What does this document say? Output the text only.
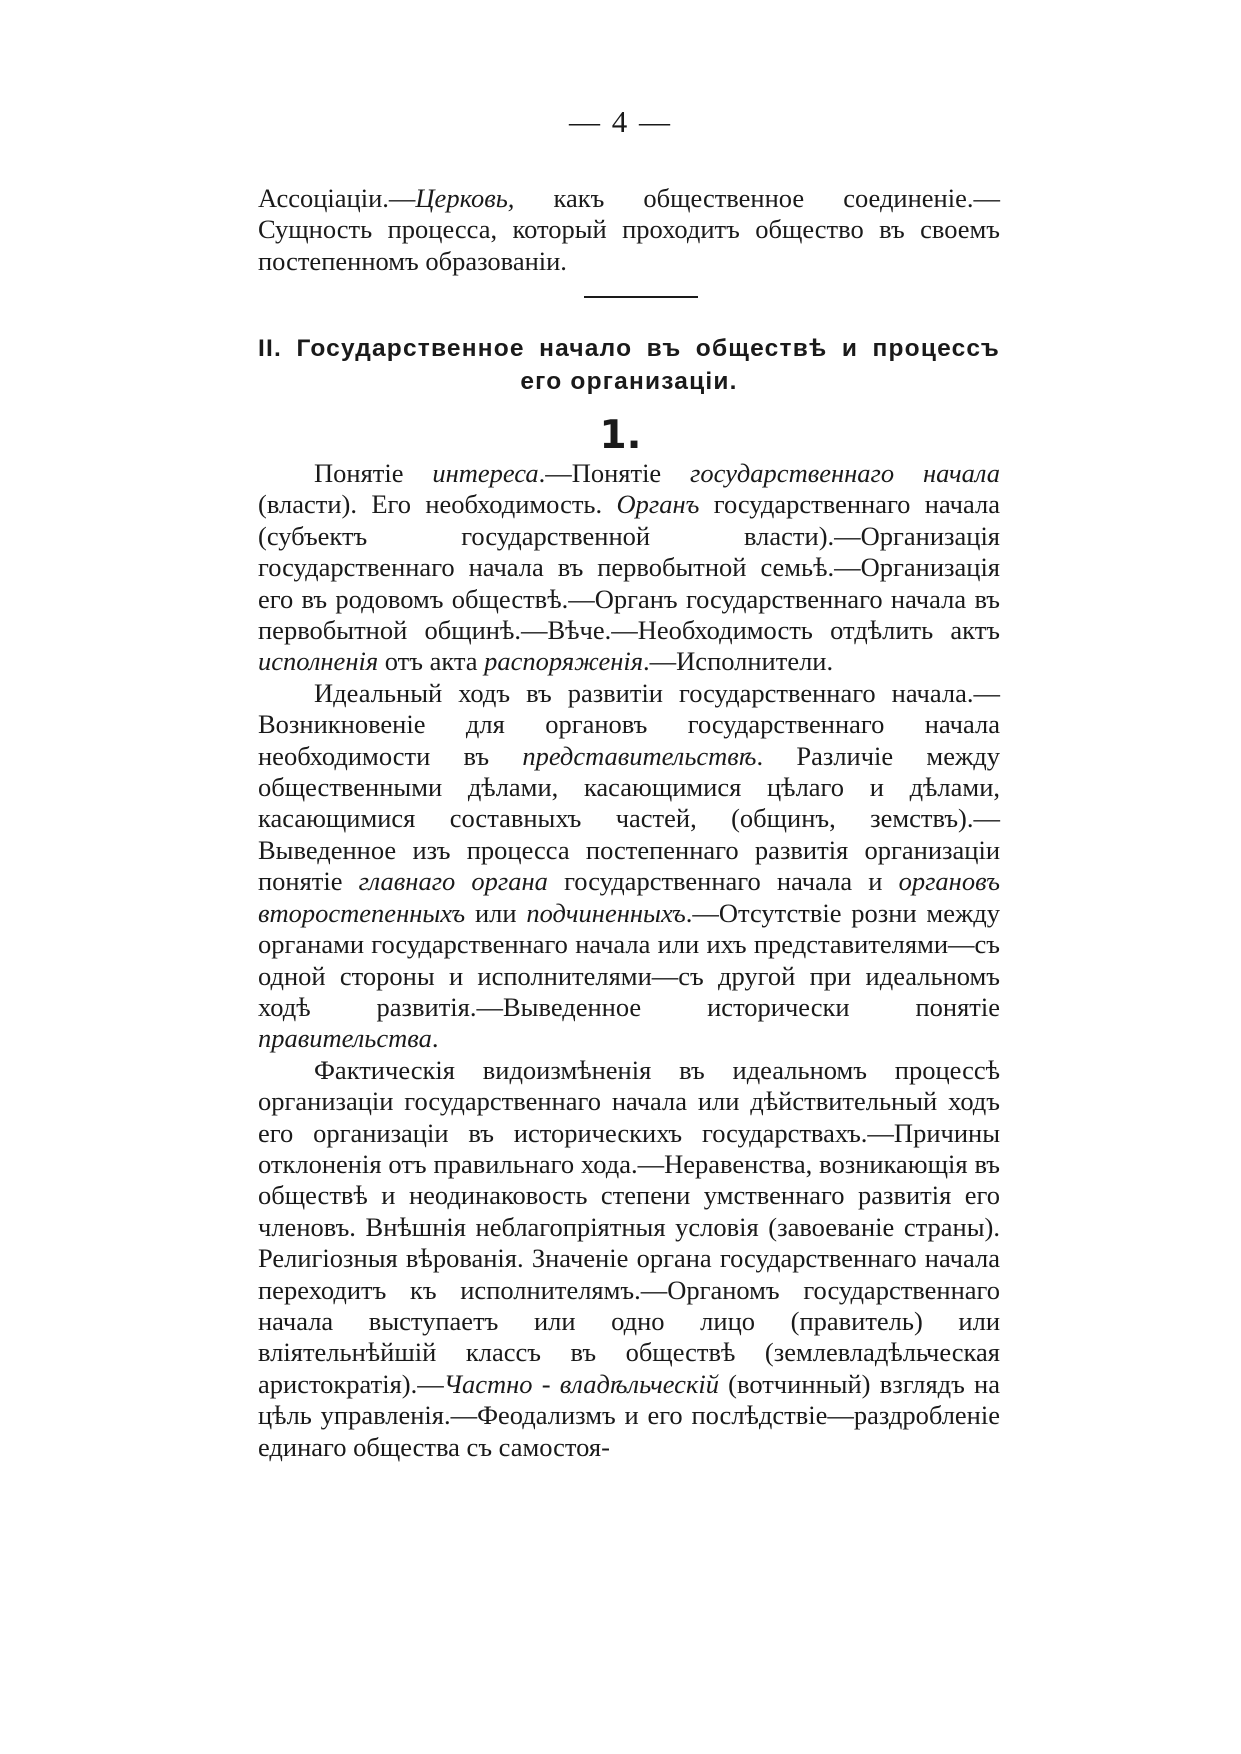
— 4 —

Ассоціаціи.—Церковь, какъ общественное соединеніе.—Сущность процесса, который проходитъ общество въ своемъ постепенномъ образованіи.

II. Государственное начало въ обществѣ и процессъ его организаціи.
1.

Понятіе интереса.—Понятіе государственнаго начала (власти). Его необходимость. Органъ государственнаго начала (субъектъ государственной власти).—Организація государственнаго начала въ первобытной семьѣ.—Организація его въ родовомъ обществѣ.—Органъ государственнаго начала въ первобытной общинѣ.—Вѣче.—Необходимость отдѣлить актъ исполненія отъ акта распоряженія.—Исполнители.

Идеальный ходъ въ развитіи государственнаго начала.—Возникновеніе для органовъ государственнаго начала необходимости въ представительствѣ. Различіе между общественными дѣлами, касающимися цѣлаго и дѣлами, касающимися составныхъ частей, (общинъ, земствъ).—Выведенное изъ процесса постепеннаго развитія организаціи понятіе главнаго органа государственнаго начала и органовъ второстепенныхъ или подчиненныхъ.—Отсутствіе розни между органами государственнаго начала или ихъ представителями—съ одной стороны и исполнителями—съ другой при идеальномъ ходѣ развитія.—Выведенное исторически понятіе правительства.

Фактическія видоизмѣненія въ идеальномъ процессѣ организаціи государственнаго начала или дѣйствительный ходъ его организаціи въ историческихъ государствахъ.—Причины отклоненія отъ правильнаго хода.—Неравенства, возникающія въ обществѣ и неодинаковость степени умственнаго развитія его членовъ. Внѣшнія неблагопріятныя условія (завоеваніе страны). Религіозныя вѣрованія. Значеніе органа государственнаго начала переходитъ къ исполнителямъ.—Органомъ государственнаго начала выступаетъ или одно лицо (правитель) или вліятельнѣйшій классъ въ обществѣ (землевладѣльческая аристократія).—Частно - владѣльческій (вотчинный) взглядъ на цѣль управленія.—Феодализмъ и его послѣдствіе—раздробленіе единаго общества съ самостоя-
